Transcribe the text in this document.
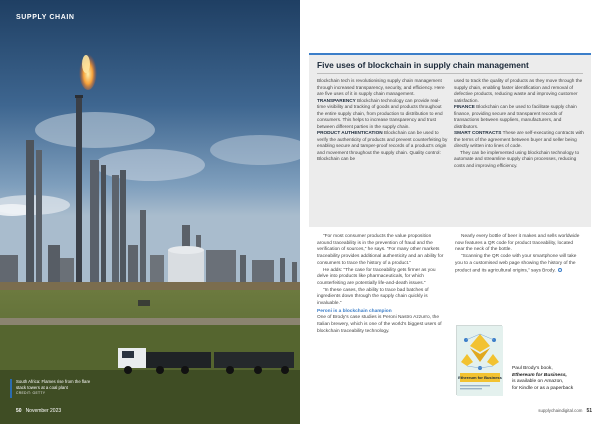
SUPPLY CHAIN

South Africa: Flames rise from the flare

stack towers at a coal plant

CREDIT: GETTY

50 November 2023
Five uses of blockchain in supply chain management

Blockchain tech is revolutionising supply chain management through increased transparency, security, and efficiency. Here are five uses of it in supply chain management.

TRANSPARENCY Blockchain technology can provide real-time visibility and tracking of goods and products throughout the entire supply chain, from production to distribution to end consumers. This helps to increase transparency and trust between different parties in the supply chain.

PRODUCT AUTHENTICATION Blockchain can be used to verify the authenticity of products and prevent counterfeiting by enabling secure and tamper-proof records of a product’s origin and movement throughout the supply chain. Quality control: Blockchain can be

used to track the quality of products as they move through the supply chain, enabling faster identification and removal of defective products, reducing waste and improving customer satisfaction.

FINANCE Blockchain can be used to facilitate supply chain finance, providing secure and transparent records of transactions between suppliers, manufacturers, and distributors.

SMART CONTRACTS These are self-executing contracts with the terms of the agreement between buyer and seller being directly written into lines of code.

They can be implemented using blockchain technology to automate and streamline supply chain processes, reducing costs and improving efficiency.

“For most consumer products the value proposition around traceability is in the prevention of fraud and the verification of sources,” he says. “For many other markets traceability provides additional authenticity and an ability for consumers to trace the history of a product.”

He adds: “The case for traceability gets firmer as you delve into products like pharmaceuticals, for which counterfeiting are potentially life-and-death issues.”

“In these cases, the ability to trace bad batches of ingredients down through the supply chain quickly is invaluable.”

Peroni is a blockchain champion

One of Brody’s case studies is Peroni Nastro Azzurro, the Italian brewery, which is one of the world’s biggest users of blockchain traceability technology.

Nearly every bottle of beer it makes and sells worldwide now features a QR code for product traceability, located near the neck of the bottle.

“Scanning the QR code with your smartphone will take you to a customised web page showing the history of the product and its agricultural origins,” says Brody.

Ethereum for Business
Paul Brody’s book,
Ethereum for Business,
is available on Amazon,
for Kindle or as a paperback
supplychaindigital.com 51
